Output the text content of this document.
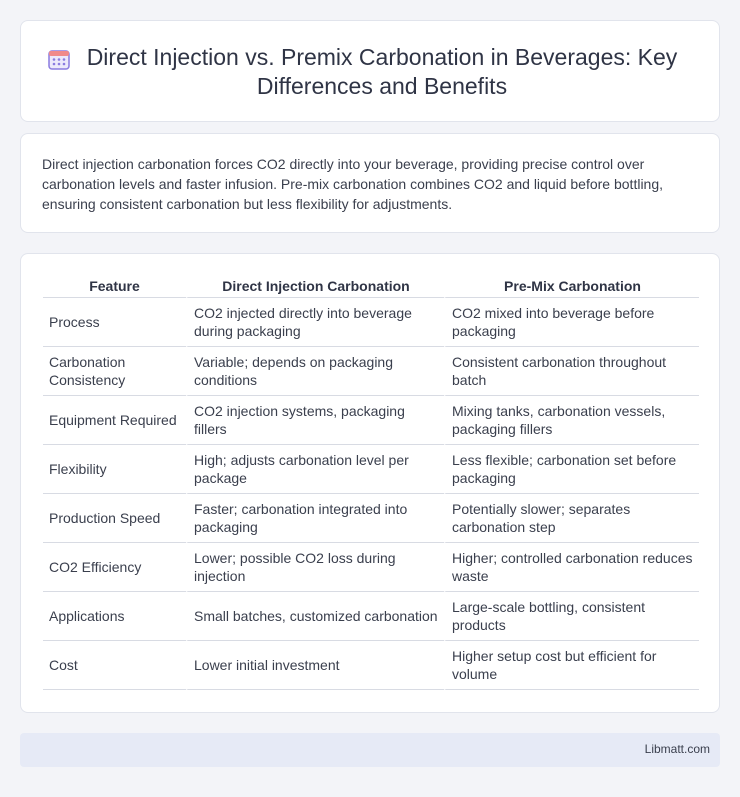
Direct Injection vs. Premix Carbonation in Beverages: Key Differences and Benefits

Direct injection carbonation forces CO2 directly into your beverage, providing precise control over carbonation levels and faster infusion. Pre-mix carbonation combines CO2 and liquid before bottling, ensuring consistent carbonation but less flexibility for adjustments.

Feature	Direct Injection Carbonation	Pre-Mix Carbonation
Process	CO2 injected directly into beverage during packaging	CO2 mixed into beverage before packaging
Carbonation Consistency	Variable; depends on packaging conditions	Consistent carbonation throughout batch
Equipment Required	CO2 injection systems, packaging fillers	Mixing tanks, carbonation vessels, packaging fillers
Flexibility	High; adjusts carbonation level per package	Less flexible; carbonation set before packaging
Production Speed	Faster; carbonation integrated into packaging	Potentially slower; separates carbonation step
CO2 Efficiency	Lower; possible CO2 loss during injection	Higher; controlled carbonation reduces waste
Applications	Small batches, customized carbonation	Large-scale bottling, consistent products
Cost	Lower initial investment	Higher setup cost but efficient for volume
Libmatt.com
